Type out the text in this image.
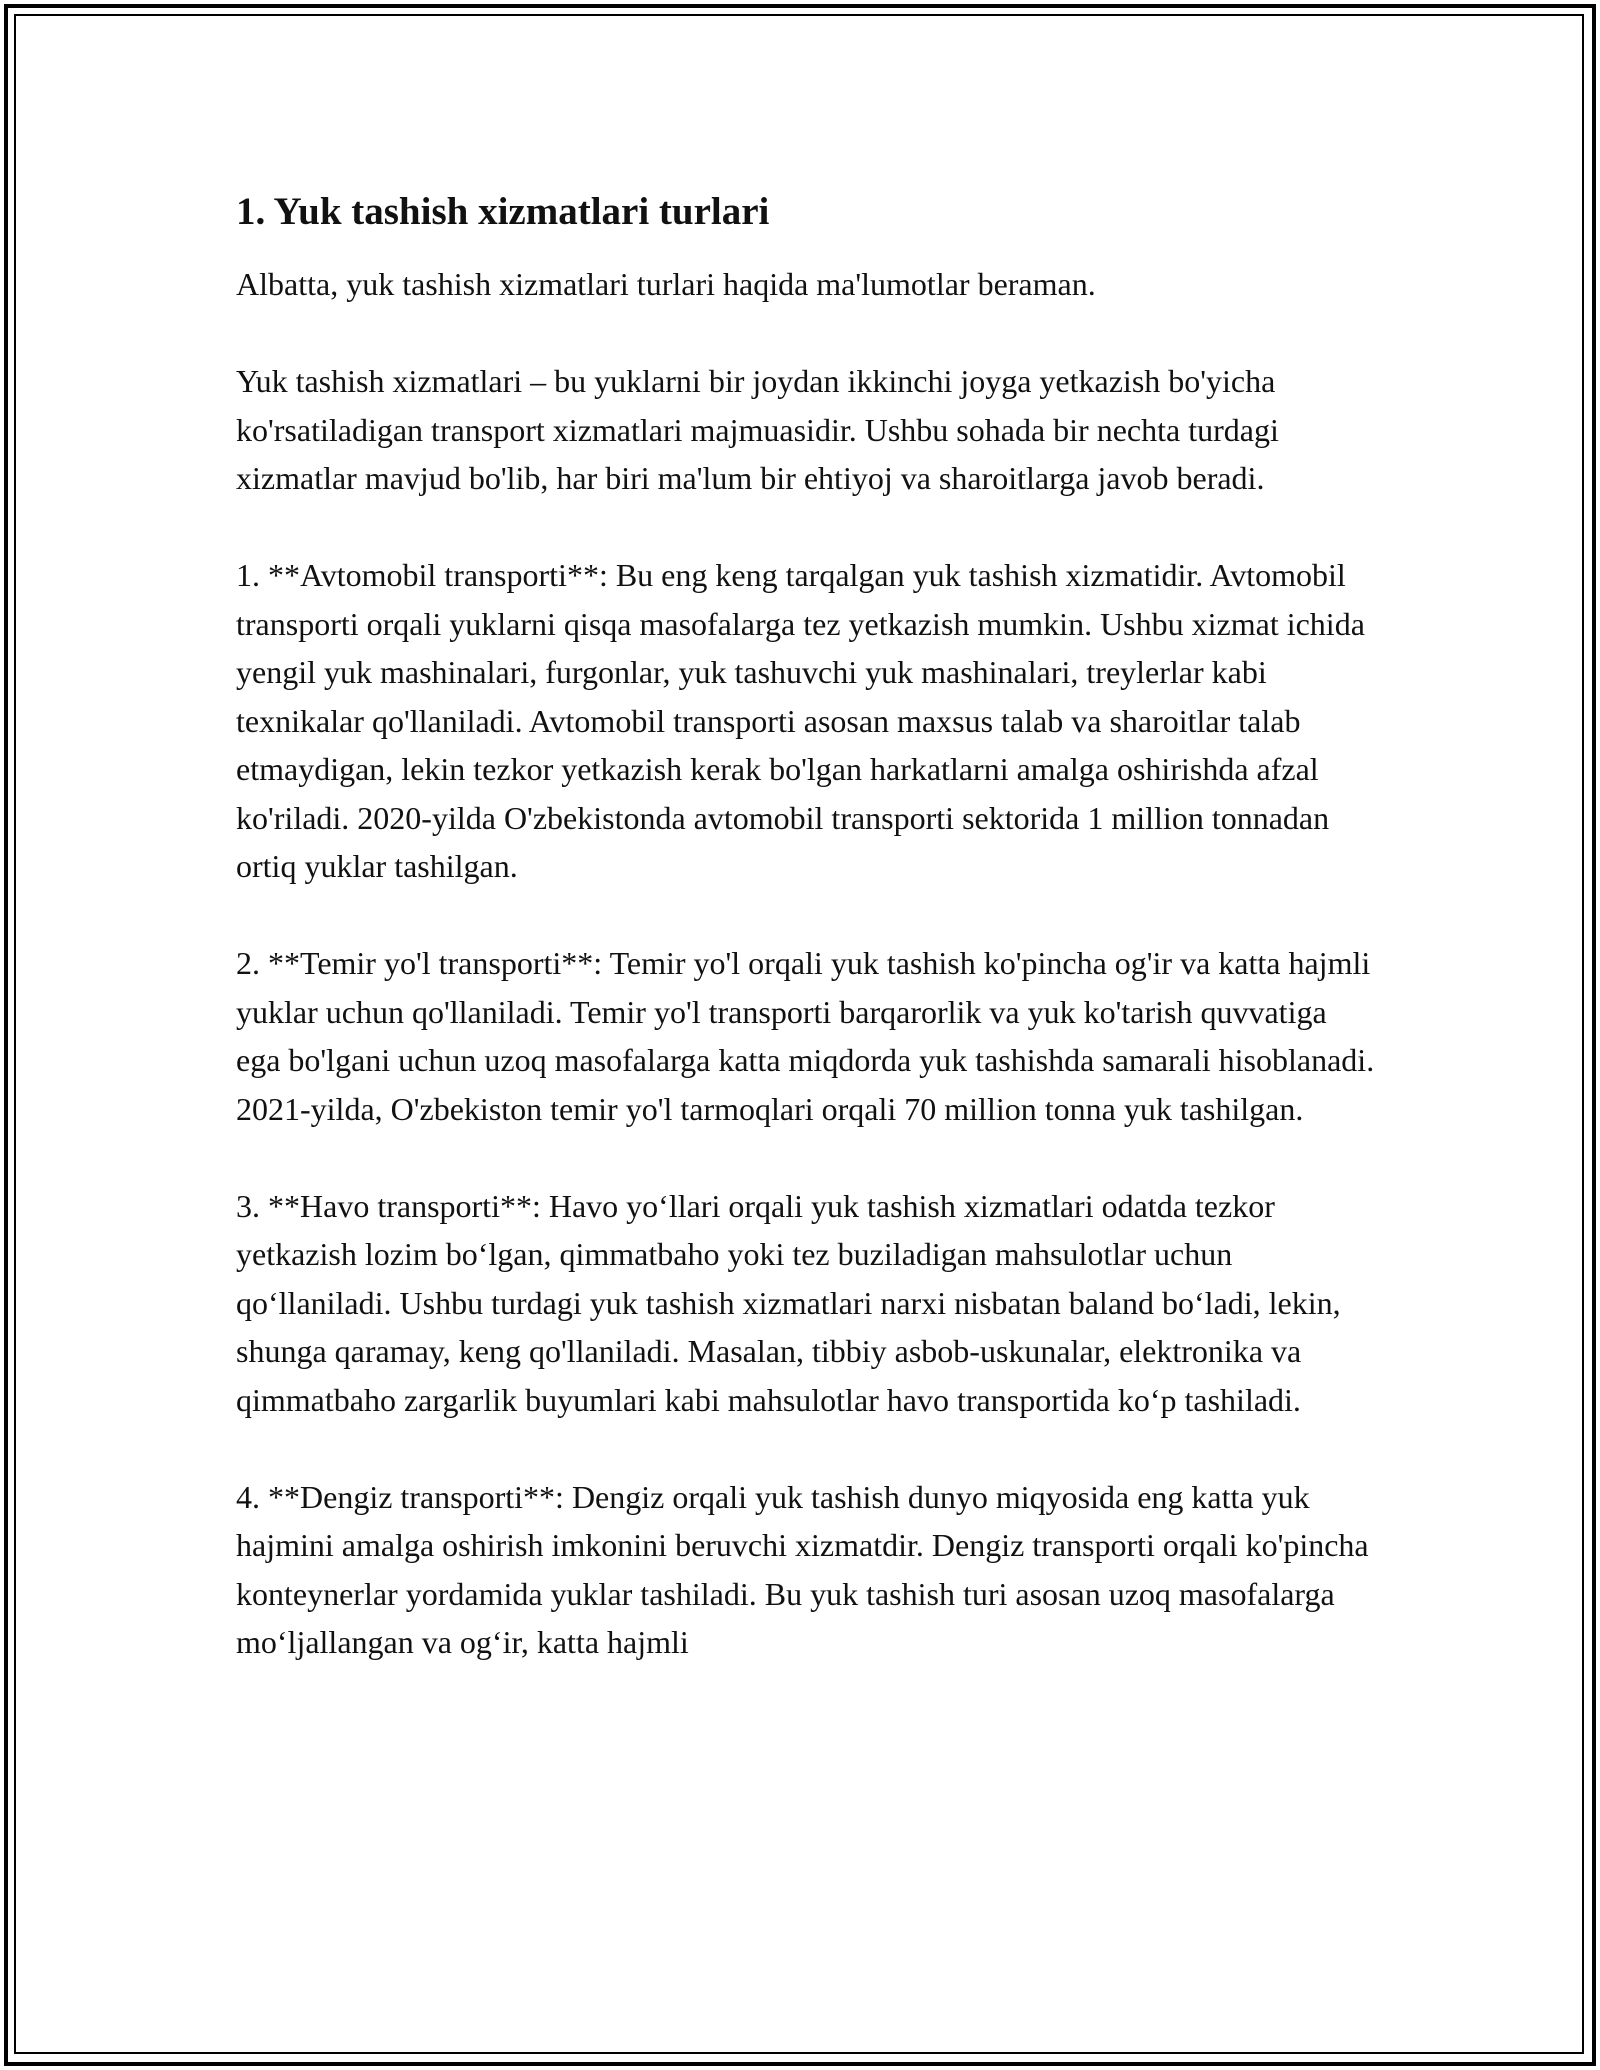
1. Yuk tashish xizmatlari turlari

Albatta, yuk tashish xizmatlari turlari haqida ma'lumotlar beraman.

Yuk tashish xizmatlari – bu yuklarni bir joydan ikkinchi joyga yetkazish bo'yicha ko'rsatiladigan transport xizmatlari majmuasidir. Ushbu sohada bir nechta turdagi xizmatlar mavjud bo'lib, har biri ma'lum bir ehtiyoj va sharoitlarga javob beradi.

1. **Avtomobil transporti**: Bu eng keng tarqalgan yuk tashish xizmatidir. Avtomobil transporti orqali yuklarni qisqa masofalarga tez yetkazish mumkin. Ushbu xizmat ichida yengil yuk mashinalari, furgonlar, yuk tashuvchi yuk mashinalari, treylerlar kabi texnikalar qo'llaniladi. Avtomobil transporti asosan maxsus talab va sharoitlar talab etmaydigan, lekin tezkor yetkazish kerak bo'lgan harkatlarni amalga oshirishda afzal ko'riladi. 2020-yilda O'zbekistonda avtomobil transporti sektorida 1 million tonnadan ortiq yuklar tashilgan.

2. **Temir yo'l transporti**: Temir yo'l orqali yuk tashish ko'pincha og'ir va katta hajmli yuklar uchun qo'llaniladi. Temir yo'l transporti barqarorlik va yuk ko'tarish quvvatiga ega bo'lgani uchun uzoq masofalarga katta miqdorda yuk tashishda samarali hisoblanadi. 2021-yilda, O'zbekiston temir yo'l tarmoqlari orqali 70 million tonna yuk tashilgan.

3. **Havo transporti**: Havo yoʻllari orqali yuk tashish xizmatlari odatda tezkor yetkazish lozim boʻlgan, qimmatbaho yoki tez buziladigan mahsulotlar uchun qoʻllaniladi. Ushbu turdagi yuk tashish xizmatlari narxi nisbatan baland boʻladi, lekin, shunga qaramay, keng qo'llaniladi. Masalan, tibbiy asbob-uskunalar, elektronika va qimmatbaho zargarlik buyumlari kabi mahsulotlar havo transportida koʻp tashiladi.

4. **Dengiz transporti**: Dengiz orqali yuk tashish dunyo miqyosida eng katta yuk hajmini amalga oshirish imkonini beruvchi xizmatdir. Dengiz transporti orqali ko'pincha konteynerlar yordamida yuklar tashiladi. Bu yuk tashish turi asosan uzoq masofalarga moʻljallangan va ogʻir, katta hajmli
